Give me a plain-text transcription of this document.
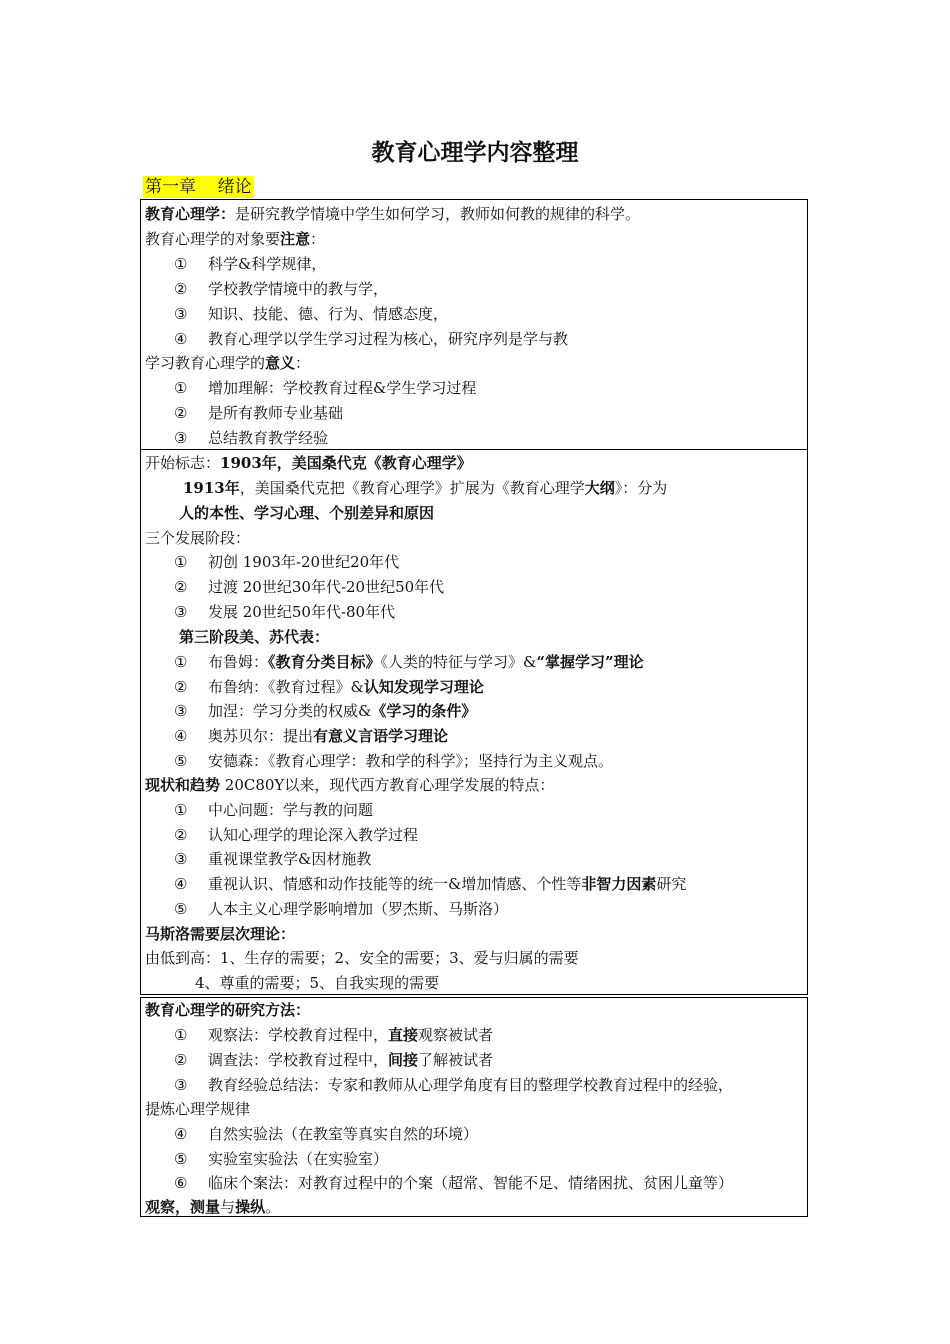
教育心理学内容整理
第一章    绪论
教育心理学：是研究教学情境中学生如何学习，教师如何教的规律的科学。
教育心理学的对象要注意：
① 科学&科学规律，
② 学校教学情境中的教与学，
③ 知识、技能、德、行为、情感态度，
④ 教育心理学以学生学习过程为核心，研究序列是学与教
学习教育心理学的意义：
① 增加理解：学校教育过程&学生学习过程
② 是所有教师专业基础
③ 总结教育教学经验
开始标志：1903年，美国桑代克《教育心理学》
1913年，美国桑代克把《教育心理学》扩展为《教育心理学大纲》：分为
人的本性、学习心理、个别差异和原因
三个发展阶段：
① 初创 1903年-20世纪20年代
② 过渡 20世纪30年代-20世纪50年代
③ 发展 20世纪50年代-80年代
第三阶段美、苏代表：
① 布鲁姆：《教育分类目标》《人类的特征与学习》&“掌握学习”理论
② 布鲁纳：《教育过程》&认知发现学习理论
③ 加涅：学习分类的权威&《学习的条件》
④ 奥苏贝尔：提出有意义言语学习理论
⑤ 安德森：《教育心理学：教和学的科学》；坚持行为主义观点。
现状和趋势 20C80Y以来，现代西方教育心理学发展的特点：
① 中心问题：学与教的问题
② 认知心理学的理论深入教学过程
③ 重视课堂教学&因材施教
④ 重视认识、情感和动作技能等的统一&增加情感、个性等非智力因素研究
⑤ 人本主义心理学影响增加（罗杰斯、马斯洛）
马斯洛需要层次理论：
由低到高：1、生存的需要；2、安全的需要；3、爱与归属的需要
4、尊重的需要；5、自我实现的需要
教育心理学的研究方法：
① 观察法：学校教育过程中，直接观察被试者
② 调查法：学校教育过程中，间接了解被试者
③ 教育经验总结法：专家和教师从心理学角度有目的整理学校教育过程中的经验，
提炼心理学规律
④ 自然实验法（在教室等真实自然的环境）
⑤ 实验室实验法（在实验室）
⑥ 临床个案法：对教育过程中的个案（超常、智能不足、情绪困扰、贫困儿童等）
观察，测量与操纵。
